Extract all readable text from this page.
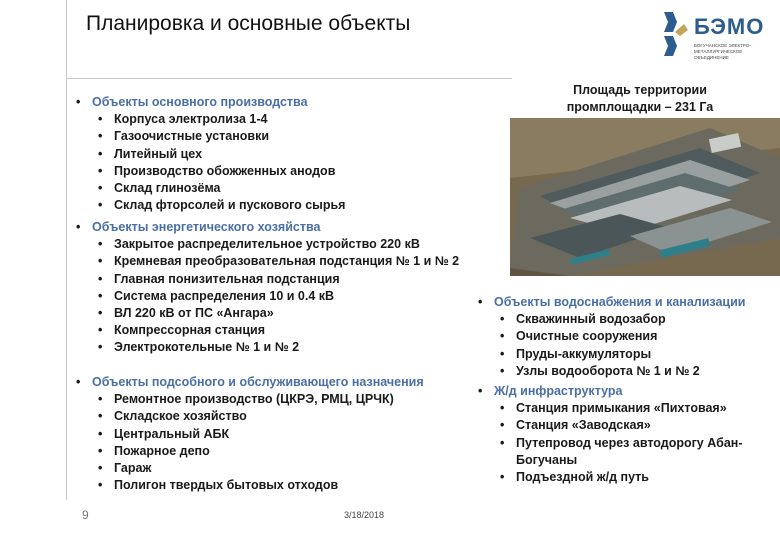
Планировка и основные объекты	БЭМО
БОГУЧАНСКОЕ ЭЛЕКТРО-МЕТАЛЛУРГИЧЕСКОЕ ОБЪЕДИНЕНИЕ
Площадь территории
промплощадки – 231 Га
• Объекты основного производства
• Корпуса электролиза 1-4
• Газоочистные установки
• Литейный цех
• Производство обожженных анодов
• Склад глинозёма
• Склад фторсолей и пускового сырья
• Объекты энергетического хозяйства
• Закрытое распределительное устройство 220 кВ
• Кремневая преобразовательная подстанция № 1 и № 2
• Главная понизительная подстанция
• Система распределения 10 и 0.4 кВ
• ВЛ 220 кВ от ПС «Ангара»
• Компрессорная станция
• Электрокотельные № 1 и № 2
• Объекты подсобного и обслуживающего назначения
• Ремонтное производство (ЦКРЭ, РМЦ, ЦРЧК)
• Складское хозяйство
• Центральный АБК
• Пожарное депо
• Гараж
• Полигон твердых бытовых отходов
• Объекты водоснабжения и канализации
• Скважинный водозабор
• Очистные сооружения
• Пруды-аккумуляторы
• Узлы водооборота № 1 и № 2
• Ж/д инфраструктура
• Станция примыкания «Пихтовая»
• Станция «Заводская»
• Путепровод через автодорогу Абан-Богучаны
• Подъездной ж/д путь
9	3/18/2018
